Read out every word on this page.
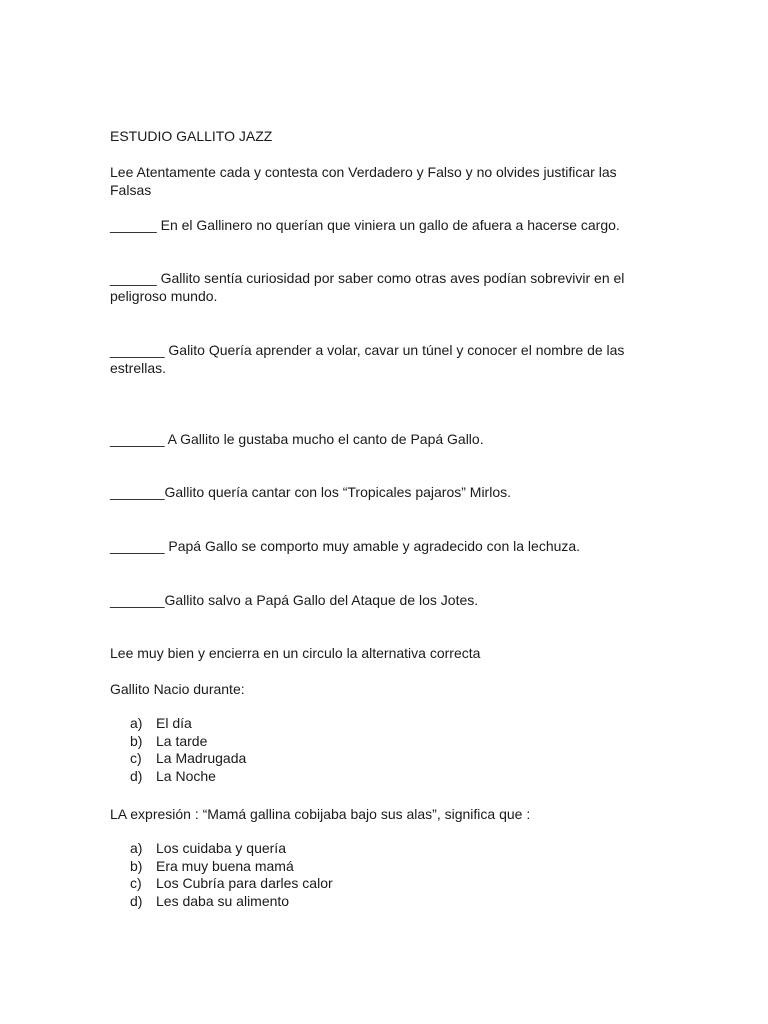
ESTUDIO GALLITO JAZZ

Lee Atentamente cada y contesta con Verdadero y Falso y no olvides justificar las Falsas

______ En el Gallinero no querían que viniera un gallo de afuera a hacerse cargo.

______ Gallito sentía curiosidad por saber como otras aves podían sobrevivir en el peligroso mundo.

_______ Galito Quería aprender a volar, cavar un túnel y conocer el nombre de las estrellas.

_______ A Gallito le gustaba mucho el canto de Papá Gallo.

_______Gallito quería cantar con los “Tropicales pajaros” Mirlos.

_______ Papá Gallo se comporto muy amable y agradecido con la lechuza.

_______Gallito salvo a Papá Gallo del Ataque de los Jotes.

Lee muy bien y encierra en un circulo la alternativa correcta

Gallito Nacio durante:

a) El día
b) La tarde
c) La Madrugada
d) La Noche

LA expresión : “Mamá gallina cobijaba bajo sus alas”, significa que :

a) Los cuidaba y quería
b) Era muy buena mamá
c) Los Cubría para darles calor
d) Les daba su alimento
